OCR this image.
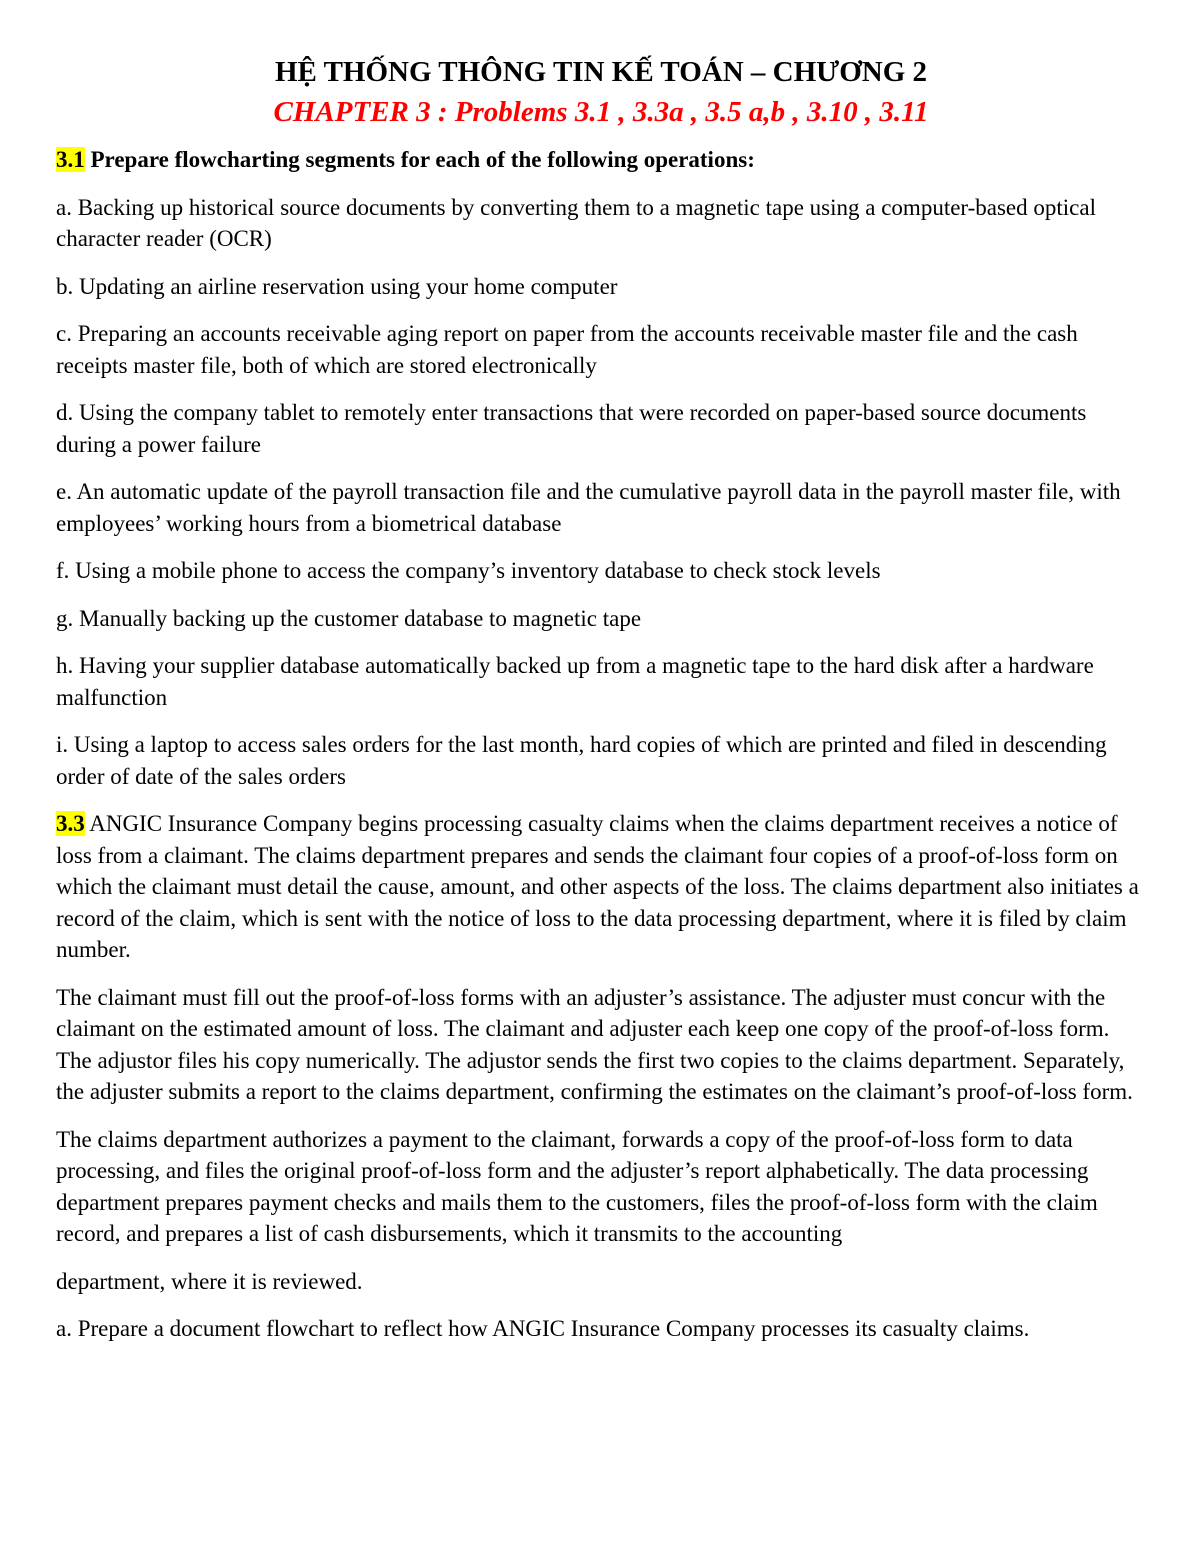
HỆ THỐNG THÔNG TIN KẾ TOÁN – CHƯƠNG 2
CHAPTER 3 : Problems 3.1 , 3.3a , 3.5 a,b , 3.10 , 3.11

3.1 Prepare flowcharting segments for each of the following operations:

a. Backing up historical source documents by converting them to a magnetic tape using a computer-based optical character reader (OCR)

b. Updating an airline reservation using your home computer

c. Preparing an accounts receivable aging report on paper from the accounts receivable master file and the cash receipts master file, both of which are stored electronically

d. Using the company tablet to remotely enter transactions that were recorded on paper-based source documents during a power failure

e. An automatic update of the payroll transaction file and the cumulative payroll data in the payroll master file, with employees’ working hours from a biometrical database

f. Using a mobile phone to access the company’s inventory database to check stock levels

g. Manually backing up the customer database to magnetic tape

h. Having your supplier database automatically backed up from a magnetic tape to the hard disk after a hardware malfunction

i. Using a laptop to access sales orders for the last month, hard copies of which are printed and filed in descending order of date of the sales orders

3.3 ANGIC Insurance Company begins processing casualty claims when the claims department receives a notice of loss from a claimant. The claims department prepares and sends the claimant four copies of a proof-of-loss form on which the claimant must detail the cause, amount, and other aspects of the loss. The claims department also initiates a record of the claim, which is sent with the notice of loss to the data processing department, where it is filed by claim number.

The claimant must fill out the proof-of-loss forms with an adjuster’s assistance. The adjuster must concur with the claimant on the estimated amount of loss. The claimant and adjuster each keep one copy of the proof-of-loss form. The adjustor files his copy numerically. The adjustor sends the first two copies to the claims department. Separately, the adjuster submits a report to the claims department, confirming the estimates on the claimant’s proof-of-loss form.

The claims department authorizes a payment to the claimant, forwards a copy of the proof-of-loss form to data processing, and files the original proof-of-loss form and the adjuster’s report alphabetically. The data processing department prepares payment checks and mails them to the customers, files the proof-of-loss form with the claim record, and prepares a list of cash disbursements, which it transmits to the accounting

department, where it is reviewed.

a. Prepare a document flowchart to reflect how ANGIC Insurance Company processes its casualty claims.
